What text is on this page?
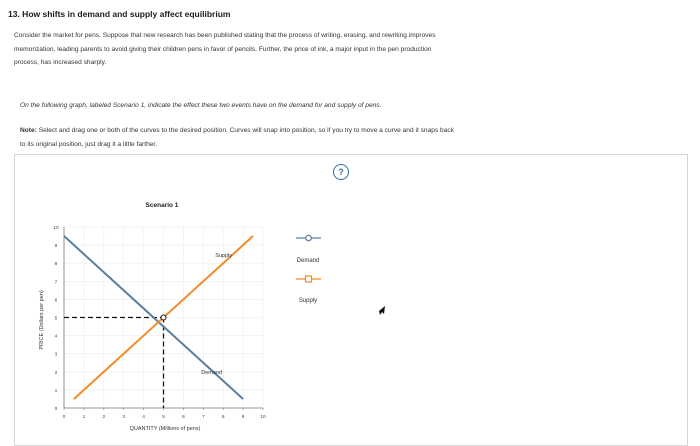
13. How shifts in demand and supply affect equilibrium
Consider the market for pens. Suppose that new research has been published stating that the process of writing, erasing, and rewriting improves
memorization, leading parents to avoid giving their children pens in favor of pencils. Further, the price of ink, a major input in the pen production
process, has increased sharply.
On the following graph, labeled Scenario 1, indicate the effect these two events have on the demand for and supply of pens.
Note: Select and drag one or both of the curves to the desired position. Curves will snap into position, so if you try to move a curve and it snaps back
to its original position, just drag it a little farther.
?
Scenario 1
PRICE (Dollars per pen)
QUANTITY (Millions of pens)
0	1	2	3	4	5	6	7	8	9	10
0
1
2
3
4
5
6
7
8
9
10
Supply
Demand
Demand
Supply
